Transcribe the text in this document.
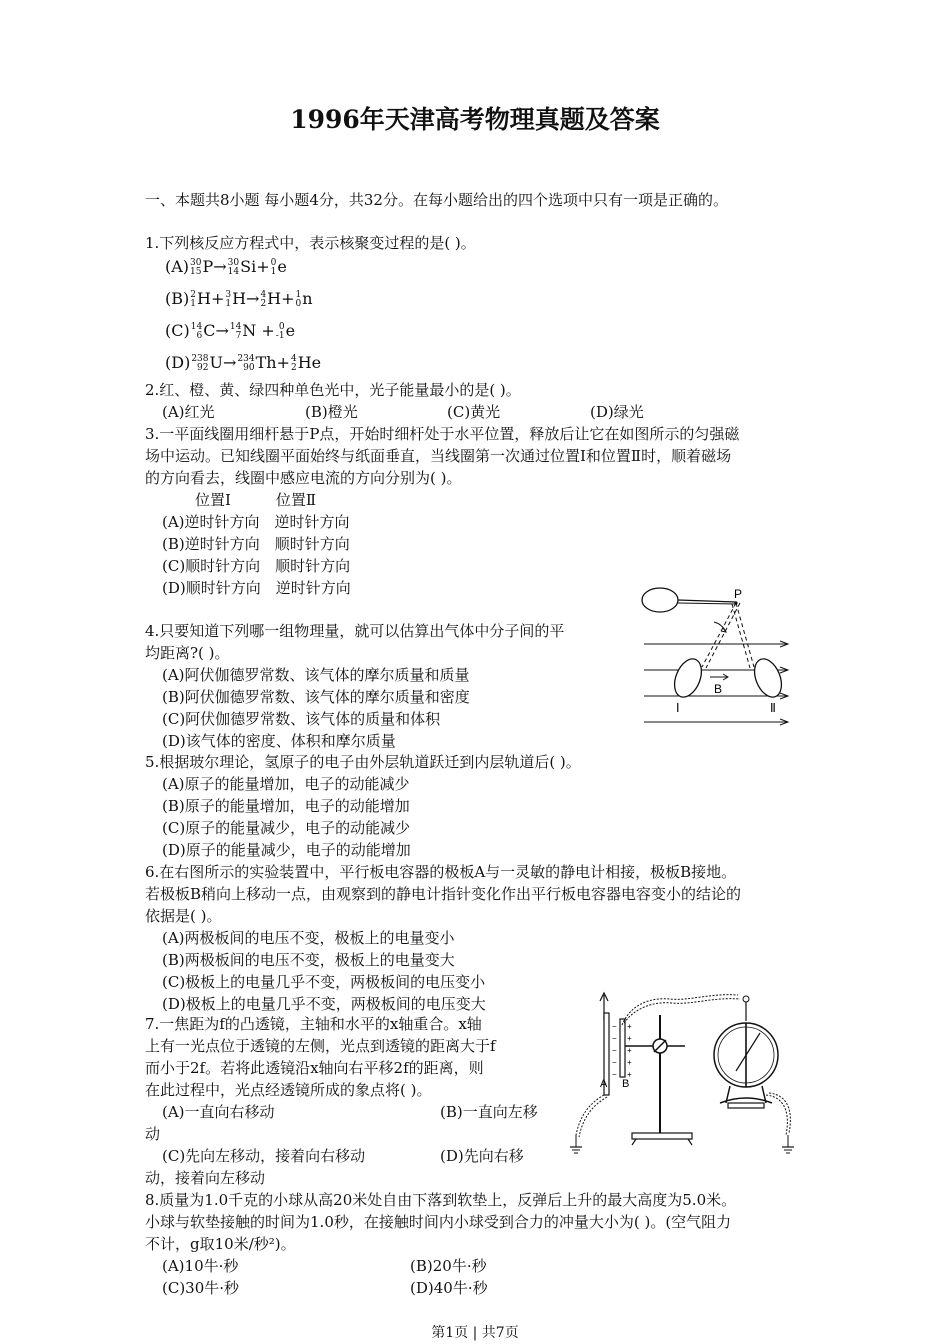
1996年天津高考物理真题及答案
一、本题共8小题 每小题4分，共32分。在每小题给出的四个选项中只有一项是正确的。
1.下列核反应方程式中，表示核聚变过程的是( )。
(A)30
15P→30
14Si+0
1e
(B)2
1H+3
1H→4
2H+1
0n
(C)14
6C→14
7N + 0
-1e
(D)238
92U→234
90Th+4
2He
2.红、橙、黄、绿四种单色光中，光子能量最小的是( )。
(A)红光	(B)橙光	(C)黄光	(D)绿光
3.一平面线圈用细杆悬于P点，开始时细杆处于水平位置，释放后让它在如图所示的匀强磁
场中运动。已知线圈平面始终与纸面垂直，当线圈第一次通过位置Ⅰ和位置Ⅱ时，顺着磁场
的方向看去，线圈中感应电流的方向分别为( )。
位置Ⅰ　　　位置Ⅱ
(A)逆时针方向　逆时针方向
(B)逆时针方向　顺时针方向
(C)顺时针方向　顺时针方向
(D)顺时针方向　逆时针方向	P
B
Ⅰ	Ⅱ
4.只要知道下列哪一组物理量，就可以估算出气体中分子间的平
均距离?( )。
(A)阿伏伽德罗常数、该气体的摩尔质量和质量
(B)阿伏伽德罗常数、该气体的摩尔质量和密度
(C)阿伏伽德罗常数、该气体的质量和体积
(D)该气体的密度、体积和摩尔质量
5.根据玻尔理论，氢原子的电子由外层轨道跃迁到内层轨道后( )。
(A)原子的能量增加，电子的动能减少
(B)原子的能量增加，电子的动能增加
(C)原子的能量减少，电子的动能减少
(D)原子的能量减少，电子的动能增加
6.在右图所示的实验装置中，平行板电容器的极板A与一灵敏的静电计相接，极板B接地。
若极板B稍向上移动一点，由观察到的静电计指针变化作出平行板电容器电容变小的结论的
依据是( )。
(A)两极板间的电压不变，极板上的电量变小
(B)两极板间的电压不变，极板上的电量变大
(C)极板上的电量几乎不变，两极板间的电压变小
(D)极板上的电量几乎不变，两极板间的电压变大
−
−
−
−
−
+
+
+
+
+
A B
7.一焦距为f的凸透镜，主轴和水平的x轴重合。x轴
上有一光点位于透镜的左侧，光点到透镜的距离大于f
而小于2f。若将此透镜沿x轴向右平移2f的距离，则
在此过程中，光点经透镜所成的象点将( )。
(A)一直向右移动	(B)一直向左移
动
(C)先向左移动，接着向右移动	(D)先向右移
动，接着向左移动
8.质量为1.0千克的小球从高20米处自由下落到软垫上，反弹后上升的最大高度为5.0米。
小球与软垫接触的时间为1.0秒，在接触时间内小球受到合力的冲量大小为( )。(空气阻力
不计，g取10米/秒²)。
(A)10牛·秒	(B)20牛·秒
(C)30牛·秒	(D)40牛·秒
第1页 | 共7页
